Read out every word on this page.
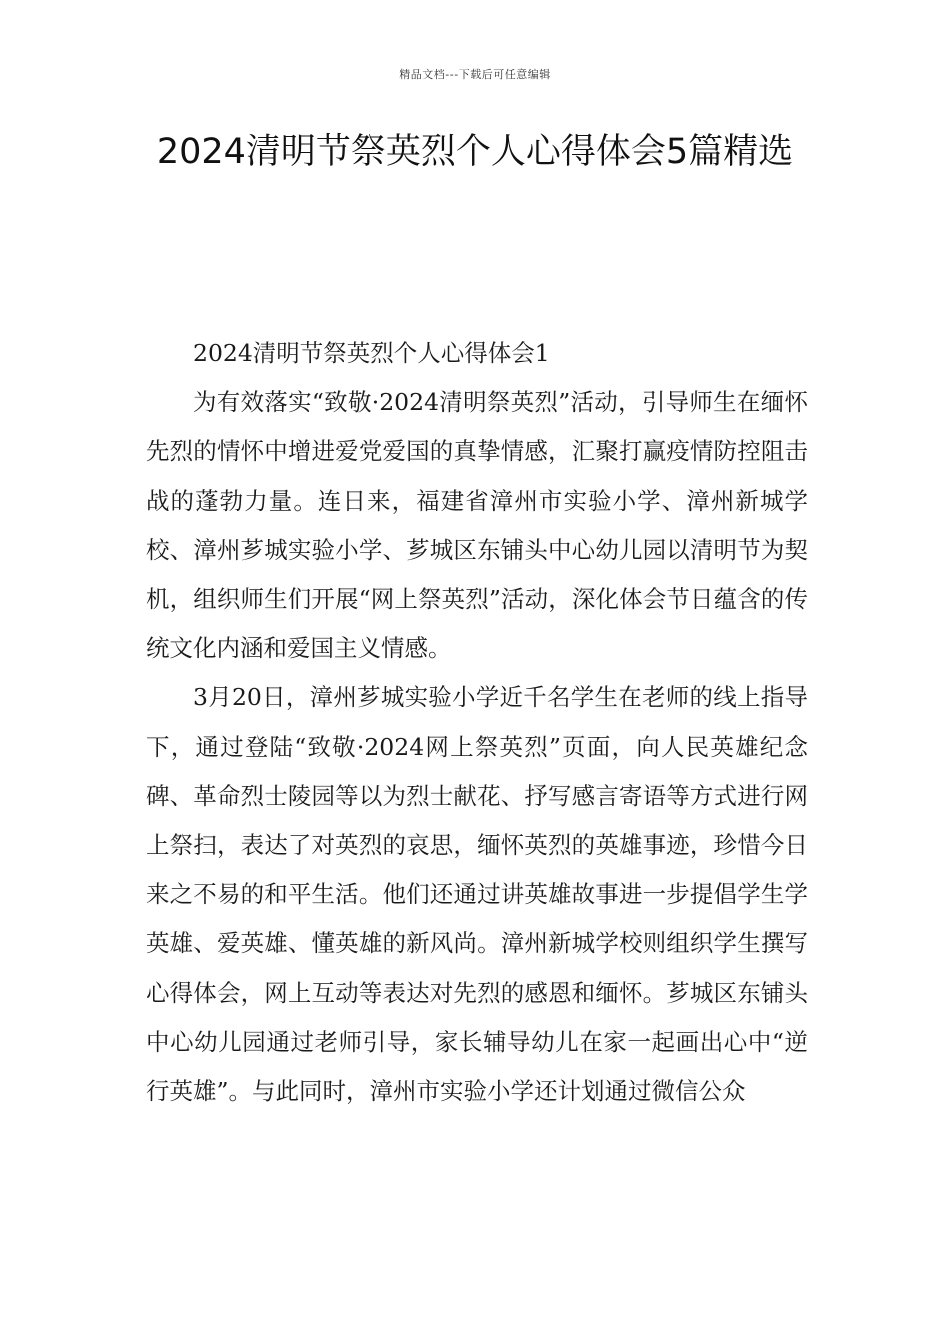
精品文档---下载后可任意编辑
2024清明节祭英烈个人心得体会5篇精选

2024清明节祭英烈个人心得体会1

为有效落实“致敬·2024清明祭英烈”活动，引导师生在缅怀先烈的情怀中增进爱党爱国的真挚情感，汇聚打赢疫情防控阻击战的蓬勃力量。连日来，福建省漳州市实验小学、漳州新城学校、漳州芗城实验小学、芗城区东铺头中心幼儿园以清明节为契机，组织师生们开展“网上祭英烈”活动，深化体会节日蕴含的传统文化内涵和爱国主义情感。

3月20日，漳州芗城实验小学近千名学生在老师的线上指导下，通过登陆“致敬·2024网上祭英烈”页面，向人民英雄纪念碑、革命烈士陵园等以为烈士献花、抒写感言寄语等方式进行网上祭扫，表达了对英烈的哀思，缅怀英烈的英雄事迹，珍惜今日来之不易的和平生活。他们还通过讲英雄故事进一步提倡学生学英雄、爱英雄、懂英雄的新风尚。漳州新城学校则组织学生撰写心得体会，网上互动等表达对先烈的感恩和缅怀。芗城区东铺头中心幼儿园通过老师引导，家长辅导幼儿在家一起画出心中“逆行英雄”。与此同时，漳州市实验小学还计划通过微信公众
